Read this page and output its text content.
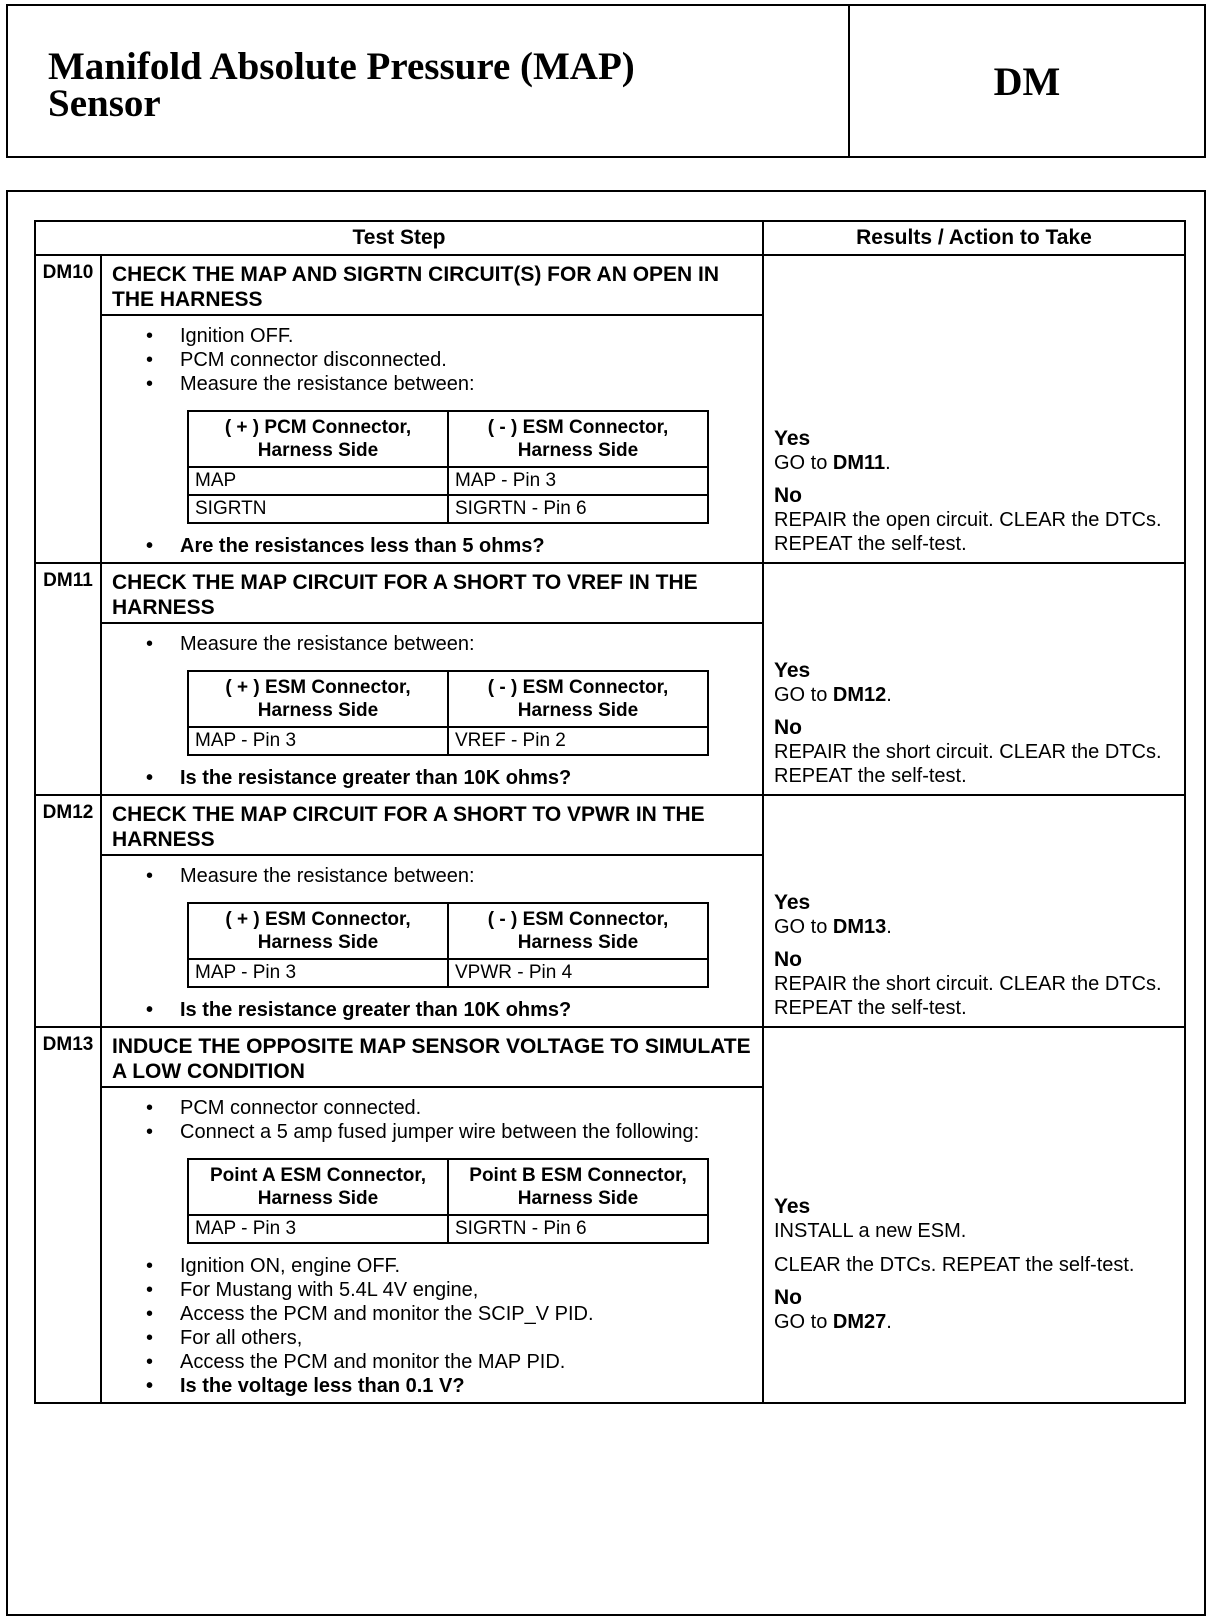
Manifold Absolute Pressure (MAP)
Sensor	DM
Test Step	Results / Action to Take
DM10	CHECK THE MAP AND SIGRTN CIRCUIT(S) FOR AN OPEN IN THE HARNESS	
Yes
GO to DM11.
No
REPAIR the open circuit. CLEAR the DTCs. REPEAT the self-test.

• Ignition OFF.
• PCM connector disconnected.
• Measure the resistance between:
( + ) PCM Connector, Harness Side	( - ) ESM Connector, Harness Side
MAP	MAP - Pin 3
SIGRTN	SIGRTN - Pin 6
• Are the resistances less than 5 ohms?

DM11	CHECK THE MAP CIRCUIT FOR A SHORT TO VREF IN THE HARNESS	
Yes
GO to DM12.
No
REPAIR the short circuit. CLEAR the DTCs. REPEAT the self-test.

• Measure the resistance between:
( + ) ESM Connector, Harness Side	( - ) ESM Connector, Harness Side
MAP - Pin 3	VREF - Pin 2
• Is the resistance greater than 10K ohms?

DM12	CHECK THE MAP CIRCUIT FOR A SHORT TO VPWR IN THE HARNESS	
Yes
GO to DM13.
No
REPAIR the short circuit. CLEAR the DTCs. REPEAT the self-test.

• Measure the resistance between:
( + ) ESM Connector, Harness Side	( - ) ESM Connector, Harness Side
MAP - Pin 3	VPWR - Pin 4
• Is the resistance greater than 10K ohms?

DM13	INDUCE THE OPPOSITE MAP SENSOR VOLTAGE TO SIMULATE A LOW CONDITION	
Yes
INSTALL a new ESM.
CLEAR the DTCs. REPEAT the self-test.
No
GO to DM27.

• PCM connector connected.
• Connect a 5 amp fused jumper wire between the following:
Point A ESM Connector, Harness Side	Point B ESM Connector, Harness Side
MAP - Pin 3	SIGRTN - Pin 6
• Ignition ON, engine OFF.
• For Mustang with 5.4L 4V engine,
• Access the PCM and monitor the SCIP_V PID.
• For all others,
• Access the PCM and monitor the MAP PID.
• Is the voltage less than 0.1 V?
